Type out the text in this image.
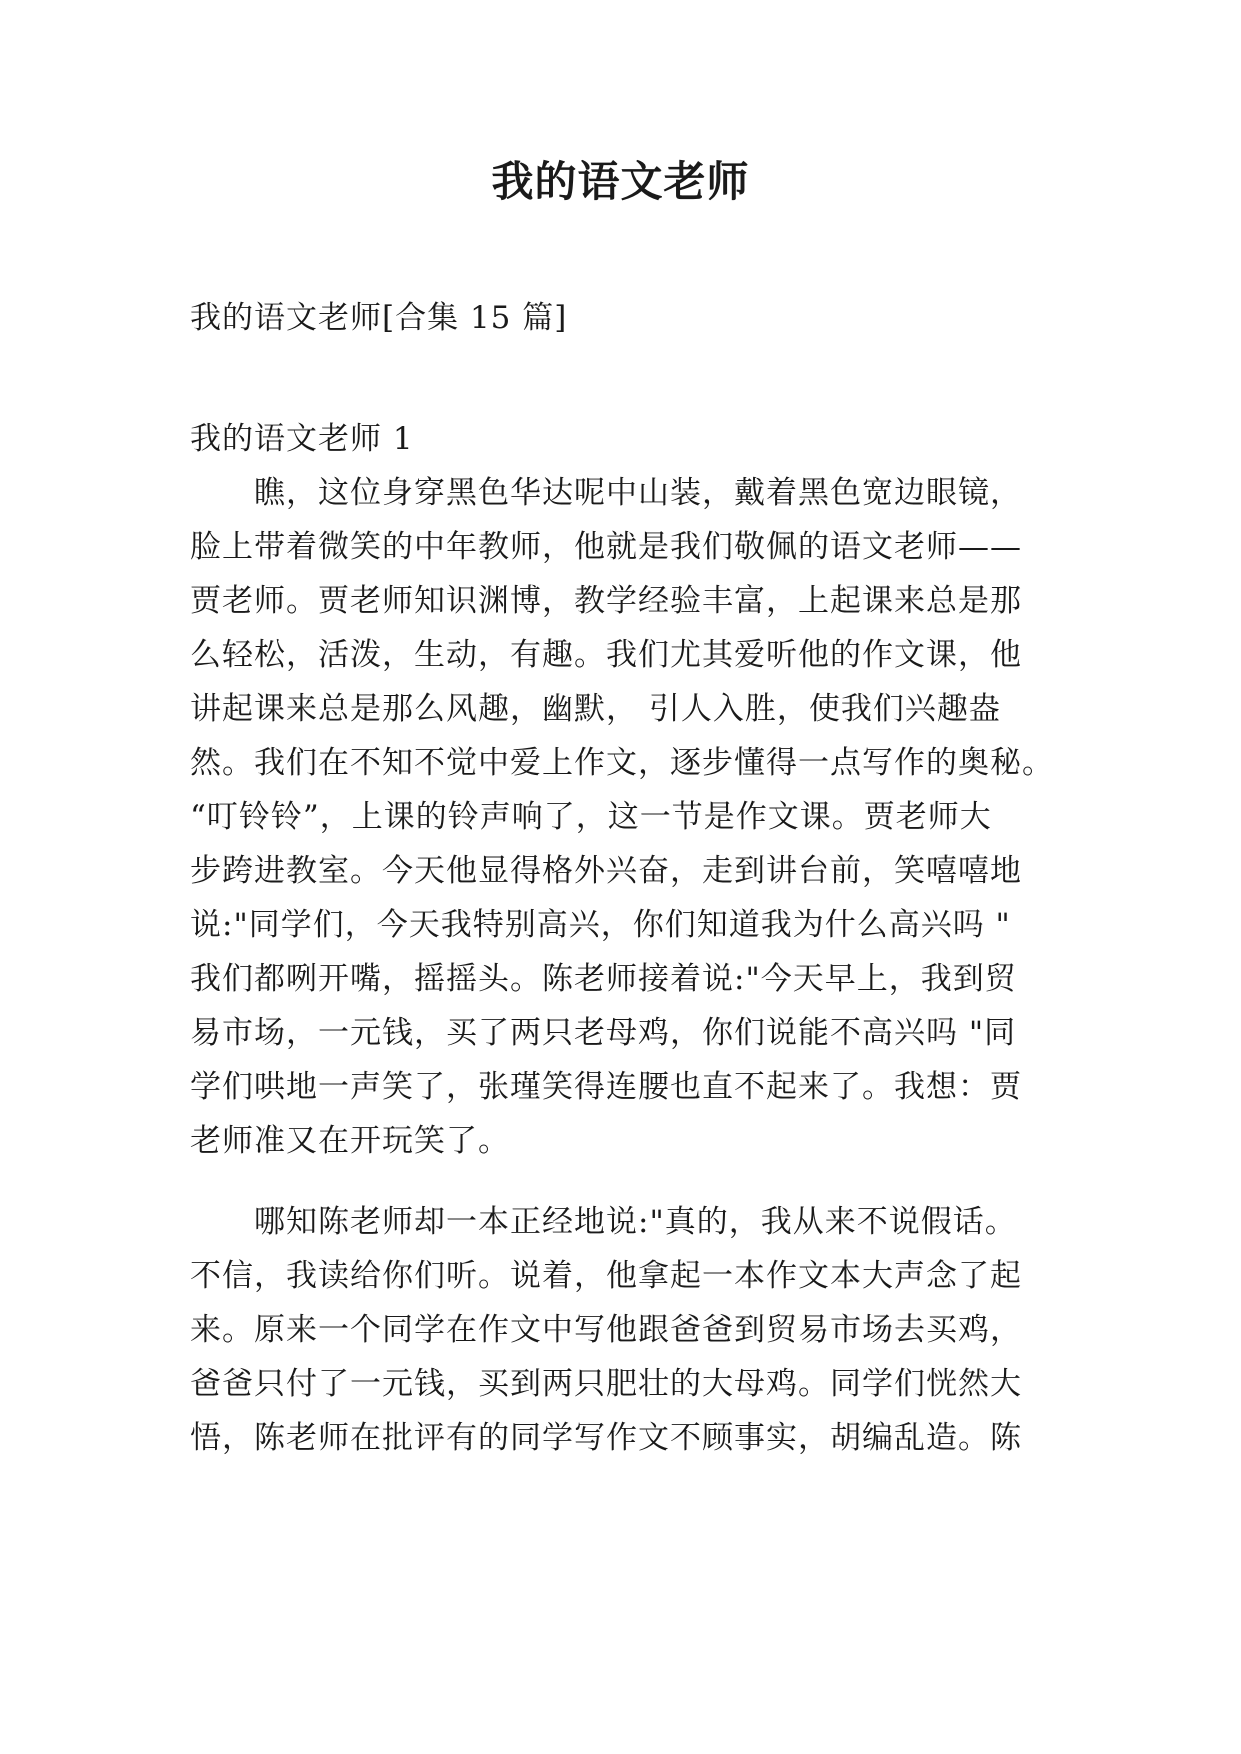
我的语文老师
我的语文老师[合集 15 篇]
我的语文老师 1
　　瞧，这位身穿黑色华达呢中山装，戴着黑色宽边眼镜，
脸上带着微笑的中年教师，他就是我们敬佩的语文老师——
贾老师。贾老师知识渊博，教学经验丰富，上起课来总是那
么轻松，活泼，生动，有趣。我们尤其爱听他的作文课，他
讲起课来总是那么风趣，幽默， 引人入胜，使我们兴趣盎
然。我们在不知不觉中爱上作文，逐步懂得一点写作的奥秘。
“叮铃铃”，上课的铃声响了，这一节是作文课。贾老师大
步跨进教室。今天他显得格外兴奋，走到讲台前，笑嘻嘻地
说:"同学们，今天我特别高兴，你们知道我为什么高兴吗 "
我们都咧开嘴，摇摇头。陈老师接着说:"今天早上，我到贸
易市场，一元钱，买了两只老母鸡，你们说能不高兴吗 "同
学们哄地一声笑了，张瑾笑得连腰也直不起来了。我想：贾
老师准又在开玩笑了。
　　哪知陈老师却一本正经地说:"真的，我从来不说假话。
不信，我读给你们听。说着，他拿起一本作文本大声念了起
来。原来一个同学在作文中写他跟爸爸到贸易市场去买鸡，
爸爸只付了一元钱，买到两只肥壮的大母鸡。同学们恍然大
悟，陈老师在批评有的同学写作文不顾事实，胡编乱造。陈
